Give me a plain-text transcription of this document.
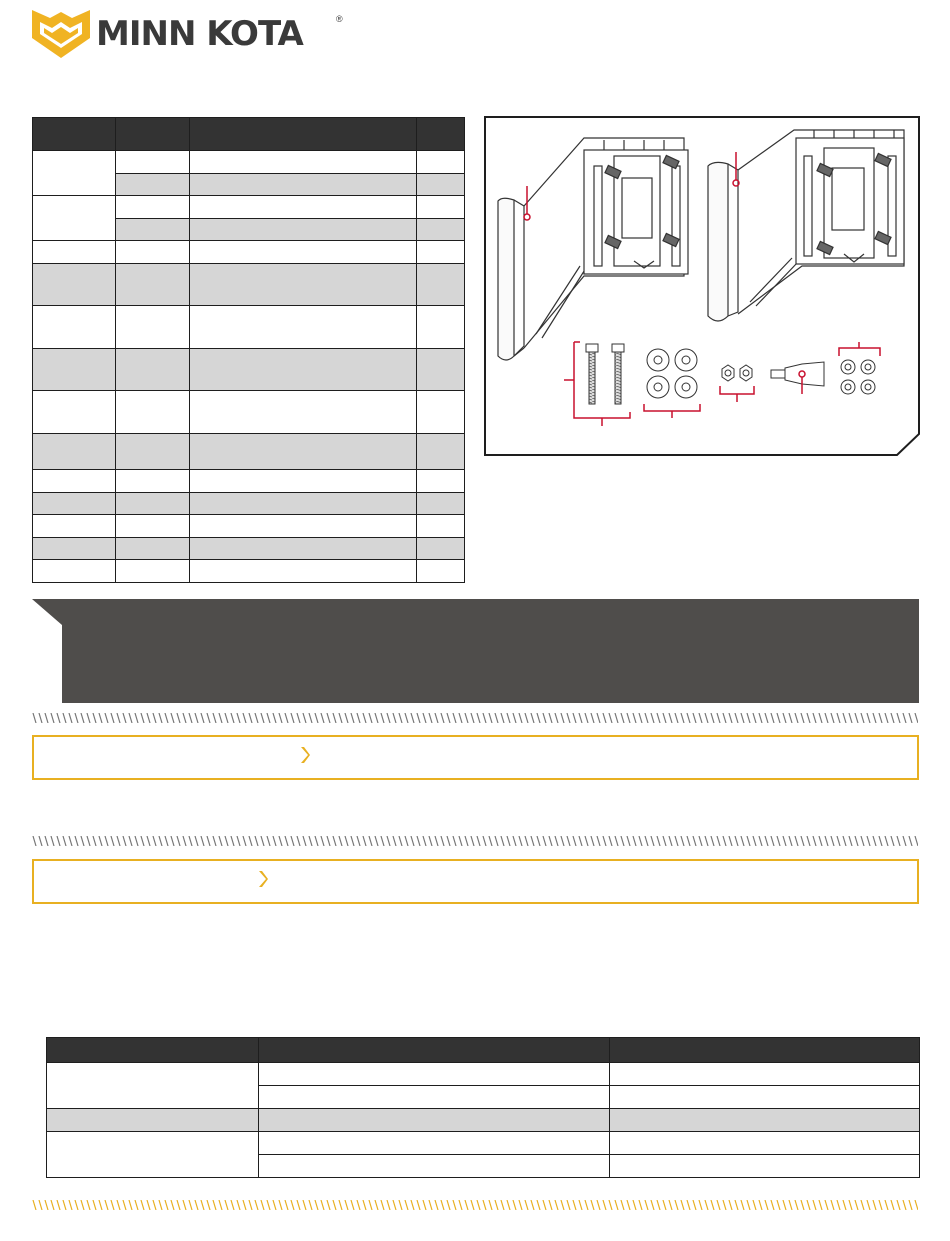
MINN KOTA	®
